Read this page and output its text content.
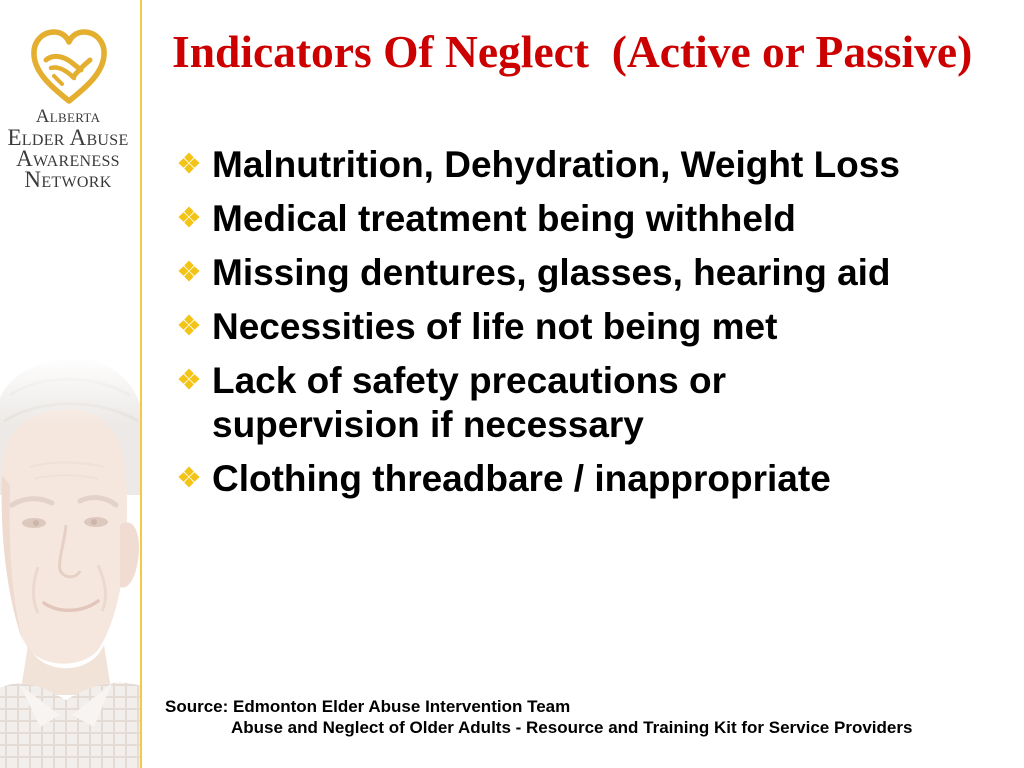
Alberta
Elder Abuse
Awareness
Network
Indicators Of Neglect  (Active or Passive)
Malnutrition, Dehydration, Weight Loss
Medical treatment being withheld
Missing dentures, glasses, hearing aid
Necessities of life not being met
Lack of safety precautions or
supervision if necessary
Clothing threadbare / inappropriate
Source: Edmonton Elder Abuse Intervention Team
Abuse and Neglect of Older Adults - Resource and Training Kit for Service Providers
